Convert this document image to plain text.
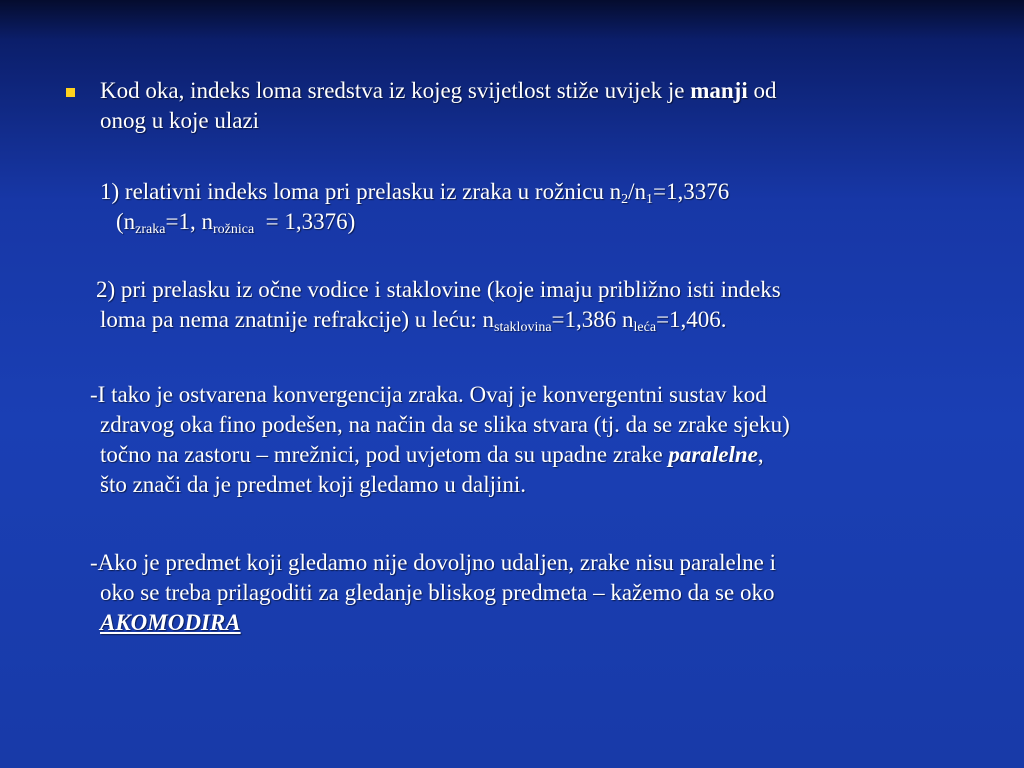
Kod oka, indeks loma sredstva iz kojeg svijetlost stiže uvijek je manji od
onog u koje ulazi

1) relativni indeks loma pri prelasku iz zraka u rožnicu $n_2/n_1=1,3376$
($n_{zraka}=1$, $n_{rožnica} = 1,3376$)

2) pri prelasku iz očne vodice i staklovine (koje imaju približno isti indeks
loma pa nema znatnije refrakcije) u leću: $n_{staklovina}=1,386$ $n_{leća}=1,406$.

-I tako je ostvarena konvergencija zraka. Ovaj je konvergentni sustav kod
zdravog oka fino podešen, na način da se slika stvara (tj. da se zrake sjeku)
točno na zastoru – mrežnici, pod uvjetom da su upadne zrake paralelne,
što znači da je predmet koji gledamo u daljini.

-Ako je predmet koji gledamo nije dovoljno udaljen, zrake nisu paralelne i
oko se treba prilagoditi za gledanje bliskog predmeta – kažemo da se oko
AKOMODIRA
